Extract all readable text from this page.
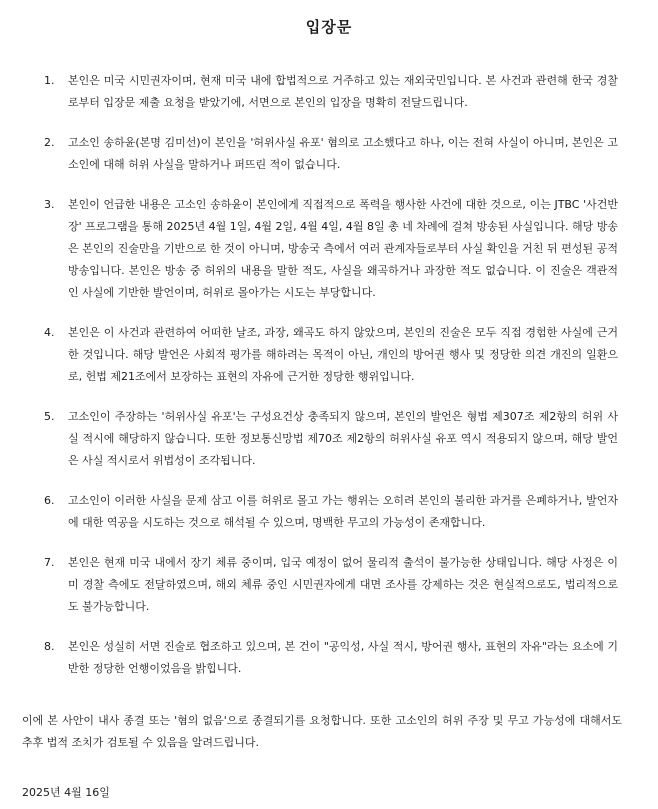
입장문
1.	본인은 미국 시민권자이며, 현재 미국 내에 합법적으로 거주하고 있는 재외국민입니다. 본 사건과 관련해 한국 경찰로부터 입장문 제출 요청을 받았기에, 서면으로 본인의 입장을 명확히 전달드립니다.
2.	고소인 송하윤(본명 김미선)이 본인을 '허위사실 유포' 혐의로 고소했다고 하나, 이는 전혀 사실이 아니며, 본인은 고소인에 대해 허위 사실을 말하거나 퍼뜨린 적이 없습니다.
3.	본인이 언급한 내용은 고소인 송하윤이 본인에게 직접적으로 폭력을 행사한 사건에 대한 것으로, 이는 JTBC '사건반장' 프로그램을 통해 2025년 4월 1일, 4월 2일, 4월 4일, 4월 8일 총 네 차례에 걸쳐 방송된 사실입니다. 해당 방송은 본인의 진술만을 기반으로 한 것이 아니며, 방송국 측에서 여러 관계자들로부터 사실 확인을 거친 뒤 편성된 공적 방송입니다. 본인은 방송 중 허위의 내용을 말한 적도, 사실을 왜곡하거나 과장한 적도 없습니다. 이 진술은 객관적인 사실에 기반한 발언이며, 허위로 몰아가는 시도는 부당합니다.
4.	본인은 이 사건과 관련하여 어떠한 날조, 과장, 왜곡도 하지 않았으며, 본인의 진술은 모두 직접 경험한 사실에 근거한 것입니다. 해당 발언은 사회적 평가를 해하려는 목적이 아닌, 개인의 방어권 행사 및 정당한 의견 개진의 일환으로, 헌법 제21조에서 보장하는 표현의 자유에 근거한 정당한 행위입니다.
5.	고소인이 주장하는 '허위사실 유포'는 구성요건상 충족되지 않으며, 본인의 발언은 형법 제307조 제2항의 허위 사실 적시에 해당하지 않습니다. 또한 정보통신망법 제70조 제2항의 허위사실 유포 역시 적용되지 않으며, 해당 발언은 사실 적시로서 위법성이 조각됩니다.
6.	고소인이 이러한 사실을 문제 삼고 이를 허위로 몰고 가는 행위는 오히려 본인의 불리한 과거를 은폐하거나, 발언자에 대한 역공을 시도하는 것으로 해석될 수 있으며, 명백한 무고의 가능성이 존재합니다.
7.	본인은 현재 미국 내에서 장기 체류 중이며, 입국 예정이 없어 물리적 출석이 불가능한 상태입니다. 해당 사정은 이미 경찰 측에도 전달하였으며, 해외 체류 중인 시민권자에게 대면 조사를 강제하는 것은 현실적으로도, 법리적으로도 불가능합니다.
8.	본인은 성실히 서면 진술로 협조하고 있으며, 본 건이 "공익성, 사실 적시, 방어권 행사, 표현의 자유"라는 요소에 기반한 정당한 언행이었음을 밝힙니다.

이에 본 사안이 내사 종결 또는 '혐의 없음'으로 종결되기를 요청합니다. 또한 고소인의 허위 주장 및 무고 가능성에 대해서도 추후 법적 조치가 검토될 수 있음을 알려드립니다.

2025년 4월 16일
